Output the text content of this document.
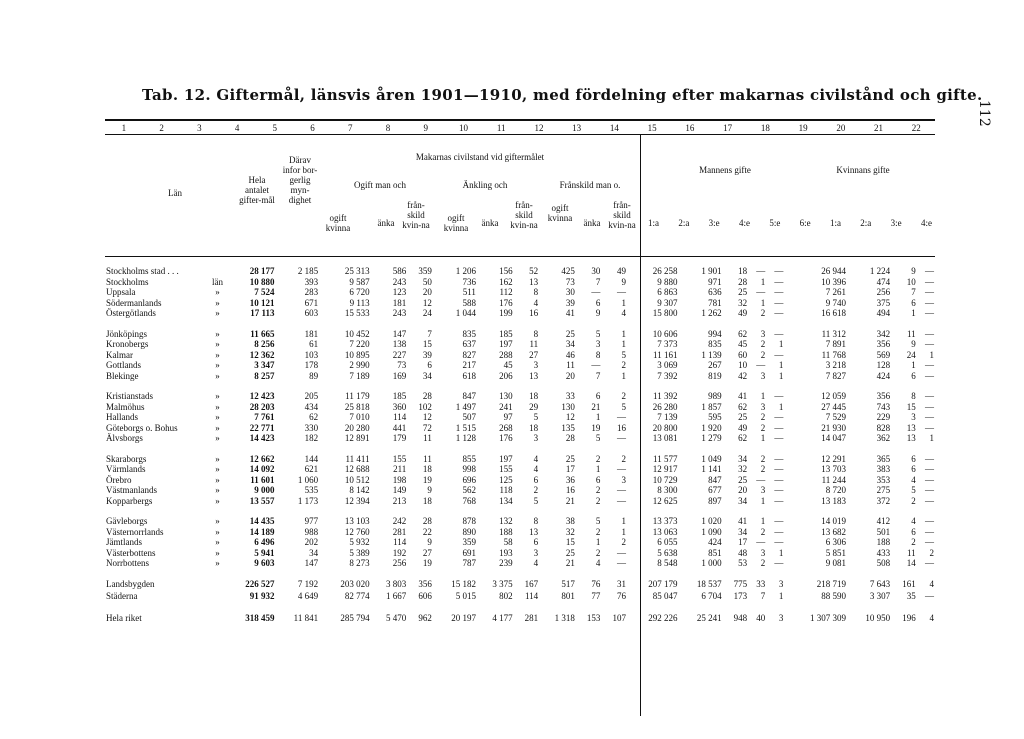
Tab. 12. Giftermål, länsvis åren 1901—1910, med fördelning efter makarnas civilstånd och gifte.
112
1	2	3	4	5	6	7	8	9	10	11	12	13	14	15	16	17	18	19	20	21	22
Län
Hela antalet gifter-mål
Därav infor bor-gerlig myn-dighet
Makarnas civilstand vid giftermålet
Ogift man och	Änkling och	Frånskild man o.
ogift kvinna	änka
från-skild kvin-na
ogift kvinna	änka
från-skild kvin-na
ogift kvinna	änka
från-skild kvin-na
Mannens gifte	Kvinnans gifte
1:a 2:a 3:e 4:e 5:e 6:e 1:a 2:a 3:e 4:e
Stockholms stad . . .		28 177	2 185	25 313	586	359	1 206	156	52	425	30	49	26 258	1 901	18	—	—	26 944	1 224	9	—
Stockholms	län	10 880	393	9 587	243	50	736	162	13	73	7	9	9 880	971	28	1	—	10 396	474	10	—
Uppsala	»	7 524	283	6 720	123	20	511	112	8	30	—	—	6 863	636	25	—	—	7 261	256	7	—
Södermanlands	»	10 121	671	9 113	181	12	588	176	4	39	6	1	9 307	781	32	1	—	9 740	375	6	—
Östergötlands	»	17 113	603	15 533	243	24	1 044	199	16	41	9	4	15 800	1 262	49	2	—	16 618	494	1	—

Jönköpings	»	11 665	181	10 452	147	7	835	185	8	25	5	1	10 606	994	62	3	—	11 312	342	11	—
Kronobergs	»	8 256	61	7 220	138	15	637	197	11	34	3	1	7 373	835	45	2	1	7 891	356	9	—
Kalmar	»	12 362	103	10 895	227	39	827	288	27	46	8	5	11 161	1 139	60	2	—	11 768	569	24	1
Gottlands	»	3 347	178	2 990	73	6	217	45	3	11	—	2	3 069	267	10	—	1	3 218	128	1	—
Blekinge	»	8 257	89	7 189	169	34	618	206	13	20	7	1	7 392	819	42	3	1	7 827	424	6	—

Kristianstads	»	12 423	205	11 179	185	28	847	130	18	33	6	2	11 392	989	41	1	—	12 059	356	8	—
Malmöhus	»	28 203	434	25 818	360	102	1 497	241	29	130	21	5	26 280	1 857	62	3	1	27 445	743	15	—
Hallands	»	7 761	62	7 010	114	12	507	97	5	12	1	—	7 139	595	25	2	—	7 529	229	3	—
Göteborgs o. Bohus	»	22 771	330	20 280	441	72	1 515	268	18	135	19	16	20 800	1 920	49	2	—	21 930	828	13	—
Älvsborgs	»	14 423	182	12 891	179	11	1 128	176	3	28	5	—	13 081	1 279	62	1	—	14 047	362	13	1

Skaraborgs	»	12 662	144	11 411	155	11	855	197	4	25	2	2	11 577	1 049	34	2	—	12 291	365	6	—
Värmlands	»	14 092	621	12 688	211	18	998	155	4	17	1	—	12 917	1 141	32	2	—	13 703	383	6	—
Örebro	»	11 601	1 060	10 512	198	19	696	125	6	36	6	3	10 729	847	25	—	—	11 244	353	4	—
Västmanlands	»	9 000	535	8 142	149	9	562	118	2	16	2	—	8 300	677	20	3	—	8 720	275	5	—
Kopparbergs	»	13 557	1 173	12 394	213	18	768	134	5	21	2	—	12 625	897	34	1	—	13 183	372	2	—

Gävleborgs	»	14 435	977	13 103	242	28	878	132	8	38	5	1	13 373	1 020	41	1	—	14 019	412	4	—
Västernorrlands	»	14 189	988	12 760	281	22	890	188	13	32	2	1	13 063	1 090	34	2	—	13 682	501	6	—
Jämtlands	»	6 496	202	5 932	114	9	359	58	6	15	1	2	6 055	424	17	—	—	6 306	188	2	—
Västerbottens	»	5 941	34	5 389	192	27	691	193	3	25	2	—	5 638	851	48	3	1	5 851	433	11	2
Norrbottens	»	9 603	147	8 273	256	19	787	239	4	21	4	—	8 548	1 000	53	2	—	9 081	508	14	—

Landsbygden		226 527	7 192	203 020	3 803	356	15 182	3 375	167	517	76	31	207 179	18 537	775	33	3	218 719	7 643	161	4
Städerna		91 932	4 649	82 774	1 667	606	5 015	802	114	801	77	76	85 047	6 704	173	7	1	88 590	3 307	35	—

Hela riket		318 459	11 841	285 794	5 470	962	20 197	4 177	281	1 318	153	107	292 226	25 241	948	40	3	1 307 309	10 950	196	4
